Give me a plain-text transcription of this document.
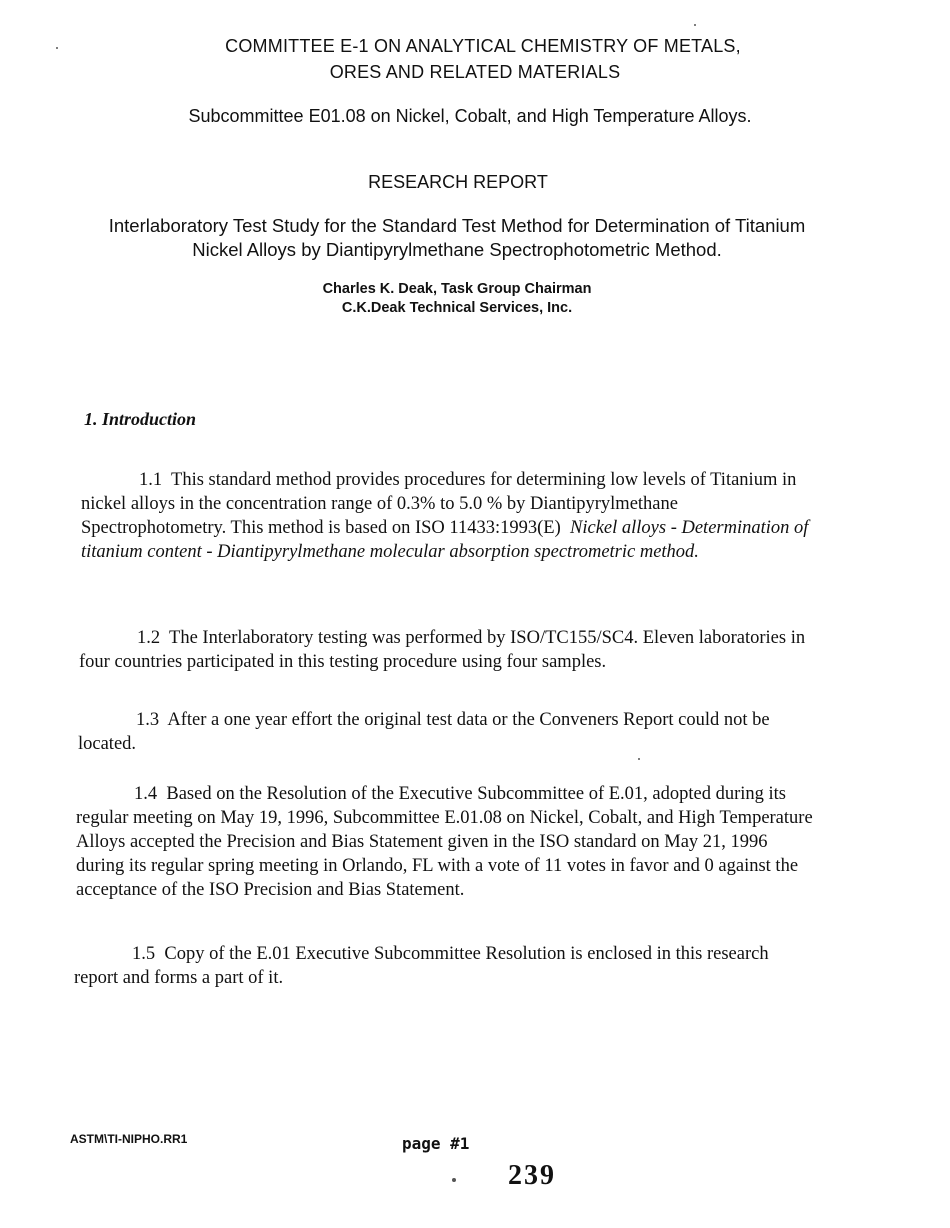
COMMITTEE E-1 ON ANALYTICAL CHEMISTRY OF METALS,
ORES AND RELATED MATERIALS
Subcommittee E01.08 on Nickel, Cobalt, and High Temperature Alloys.
RESEARCH REPORT
Interlaboratory Test Study for the Standard Test Method for Determination of Titanium
Nickel Alloys by Diantipyrylmethane Spectrophotometric Method.
Charles K. Deak, Task Group Chairman
C.K.Deak Technical Services, Inc.
1. Introduction
1.1 This standard method provides procedures for determining low levels of Titanium in nickel alloys in the concentration range of 0.3% to 5.0 % by Diantipyrylmethane Spectrophotometry. This method is based on ISO 11433:1993(E) Nickel alloys - Determination of titanium content - Diantipyrylmethane molecular absorption spectrometric method.
1.2 The Interlaboratory testing was performed by ISO/TC155/SC4. Eleven laboratories in four countries participated in this testing procedure using four samples.
1.3 After a one year effort the original test data or the Conveners Report could not be located.
1.4 Based on the Resolution of the Executive Subcommittee of E.01, adopted during its regular meeting on May 19, 1996, Subcommittee E.01.08 on Nickel, Cobalt, and High Temperature Alloys accepted the Precision and Bias Statement given in the ISO standard on May 21, 1996 during its regular spring meeting in Orlando, FL with a vote of 11 votes in favor and 0 against the acceptance of the ISO Precision and Bias Statement.
1.5 Copy of the E.01 Executive Subcommittee Resolution is enclosed in this research report and forms a part of it.
ASTM\TI-NIPHO.RR1	page #1
239
